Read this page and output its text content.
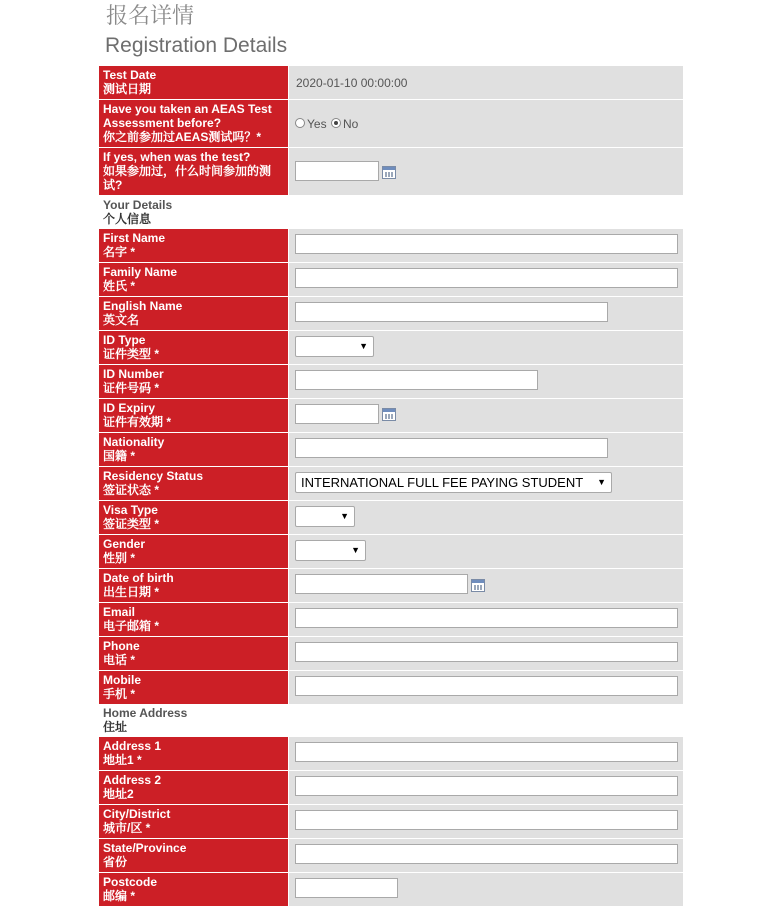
报名详情
Registration Details
Test Date
测试日期	2020-01-10 00:00:00
Have you taken an AEAS Test Assessment before?
你之前参加过AEAS测试吗？*
Yes No
If yes, when was the test?
如果参加过，什么时间参加的测试?
Your Details
个人信息
First Name
名字 *
Family Name
姓氏 *
English Name
英文名
ID Type
证件类型 *
▼
ID Number
证件号码 *
ID Expiry
证件有效期 *
Nationality
国籍 *
Residency Status
签证状态 *	INTERNATIONAL FULL FEE PAYING STUDENT ▼
Visa Type
签证类型 *
▼
Gender
性别 *
▼
Date of birth
出生日期 *
Email
电子邮箱 *
Phone
电话 *
Mobile
手机 *
Home Address
住址
Address 1
地址1 *
Address 2
地址2
City/District
城市/区 *
State/Province
省份
Postcode
邮编 *
